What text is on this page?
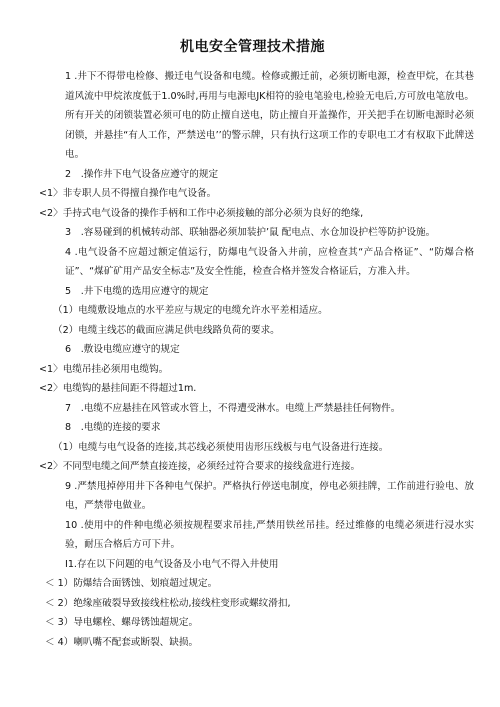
机电安全管理技术措施

1 .井下不得带电检修、搬迁电气设备和电缆。检修或搬迁前，必须切断电源，检查甲烷，在其巷道风流中甲烷浓度低于1.0%时,再用与电源电JK相符的验电笔验电,检验无电后,方可放电笔放电。所有开关的闭锁装置必须可电的防止擅自送电，防止擅自开盖操作，开关把手在切断电源时必须闭锁，并悬挂“有人工作，严禁送电’’的警示牌，只有执行这项工作的专职电工才有权取下此牌送电。

2　.操作井下电气设备应遵守的规定

<1〉非专职人员不得擅自操作电气设备。

<2〉手持式电气设备的操作手柄和工作中必须接触的部分必须为良好的绝缘,

3　.容易碰到的机械转动部、联轴器必须加装护’鼠 配电点、水仓加设护栏等防护设施。

4 .电气设备不应超过额定值运行，防爆电气设备入井前，应检查其“产品合格证”、“防爆合格证”、“煤矿矿用产品安全标志”及安全性能，检查合格并签发合格证后，方准入井。

5　.井下电缆的选用应遵守的规定

（1）电缆敷设地点的水平差应与规定的电缆允许水平差相适应。

（2）电缆主线芯的截面应满足供电线路负荷的要求。

6　.敷设电缆应遵守的规定

<1〉电缆吊挂必须用电缆钩。

<2〉电缆钩的悬挂间距不得超过1m.

7　.电缆不应悬挂在风管或水管上，不得遭受淋水。电缆上严禁悬挂任何物件。

8　.电缆的连接的要求

（1）电缆与电气设备的连接,其芯线必须使用齿形压线板与电气设备进行连接。

<2〉不同型电缆之间严禁直接连接，必须经过符合要求的接线盒进行连接。

9 .严禁甩掉停用井下各种电气保护。严格执行停送电制度，停电必须挂牌，工作前进行验电、放电，严禁带电做业。

10 .使用中的件种电缆必须按规程要求吊挂,严禁用铁丝吊挂。经过维修的电缆必须进行浸水实验，耐压合格后方可下井。

I1.存在以下问题的电气设备及小电气不得入井使用

＜ 1）防爆结合面锈蚀、划痕超过规定。

＜ 2）绝缘座破裂导致接线柱松动,接线柱变形或螺纹滑扣,

＜ 3）导电螺栓、螺母锈蚀超规定。

＜ 4）喇叭嘴不配套或断裂、缺损。
